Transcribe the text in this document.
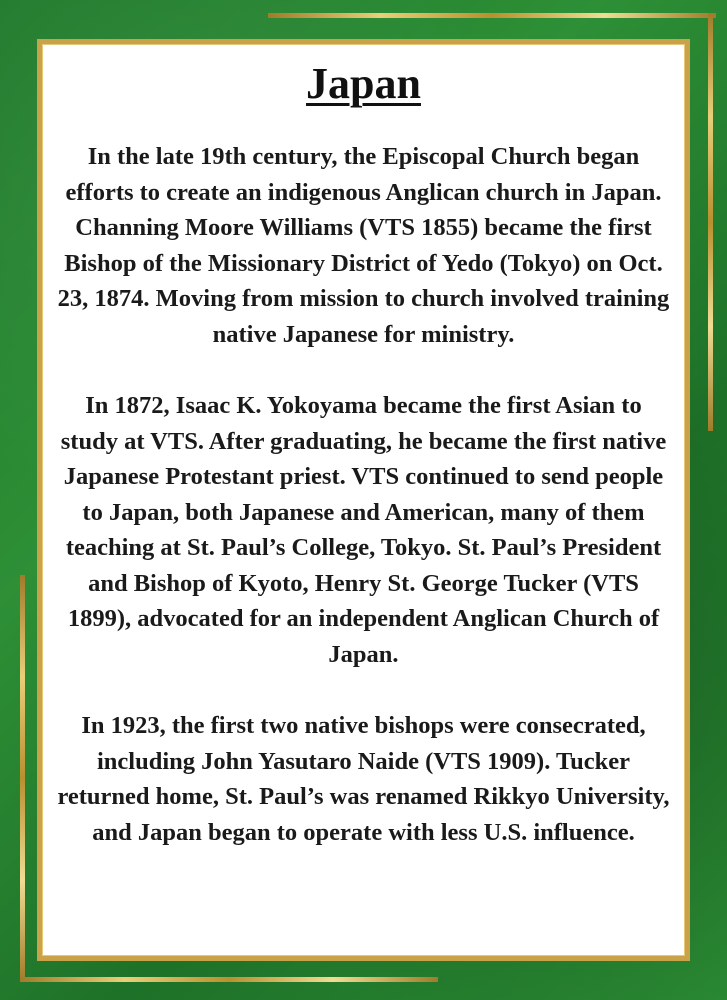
Japan

In the late 19th century, the Episcopal Church began efforts to create an indigenous Anglican church in Japan. Channing Moore Williams (VTS 1855) became the first Bishop of the Missionary District of Yedo (Tokyo) on Oct. 23, 1874. Moving from mission to church involved training native Japanese for ministry.

In 1872, Isaac K. Yokoyama became the first Asian to study at VTS. After graduating, he became the first native Japanese Protestant priest. VTS continued to send people to Japan, both Japanese and American, many of them teaching at St. Paul’s College, Tokyo. St. Paul’s President and Bishop of Kyoto, Henry St. George Tucker (VTS 1899), advocated for an independent Anglican Church of Japan.

In 1923, the first two native bishops were consecrated, including John Yasutaro Naide (VTS 1909). Tucker returned home, St. Paul’s was renamed Rikkyo University, and Japan began to operate with less U.S. influence.
